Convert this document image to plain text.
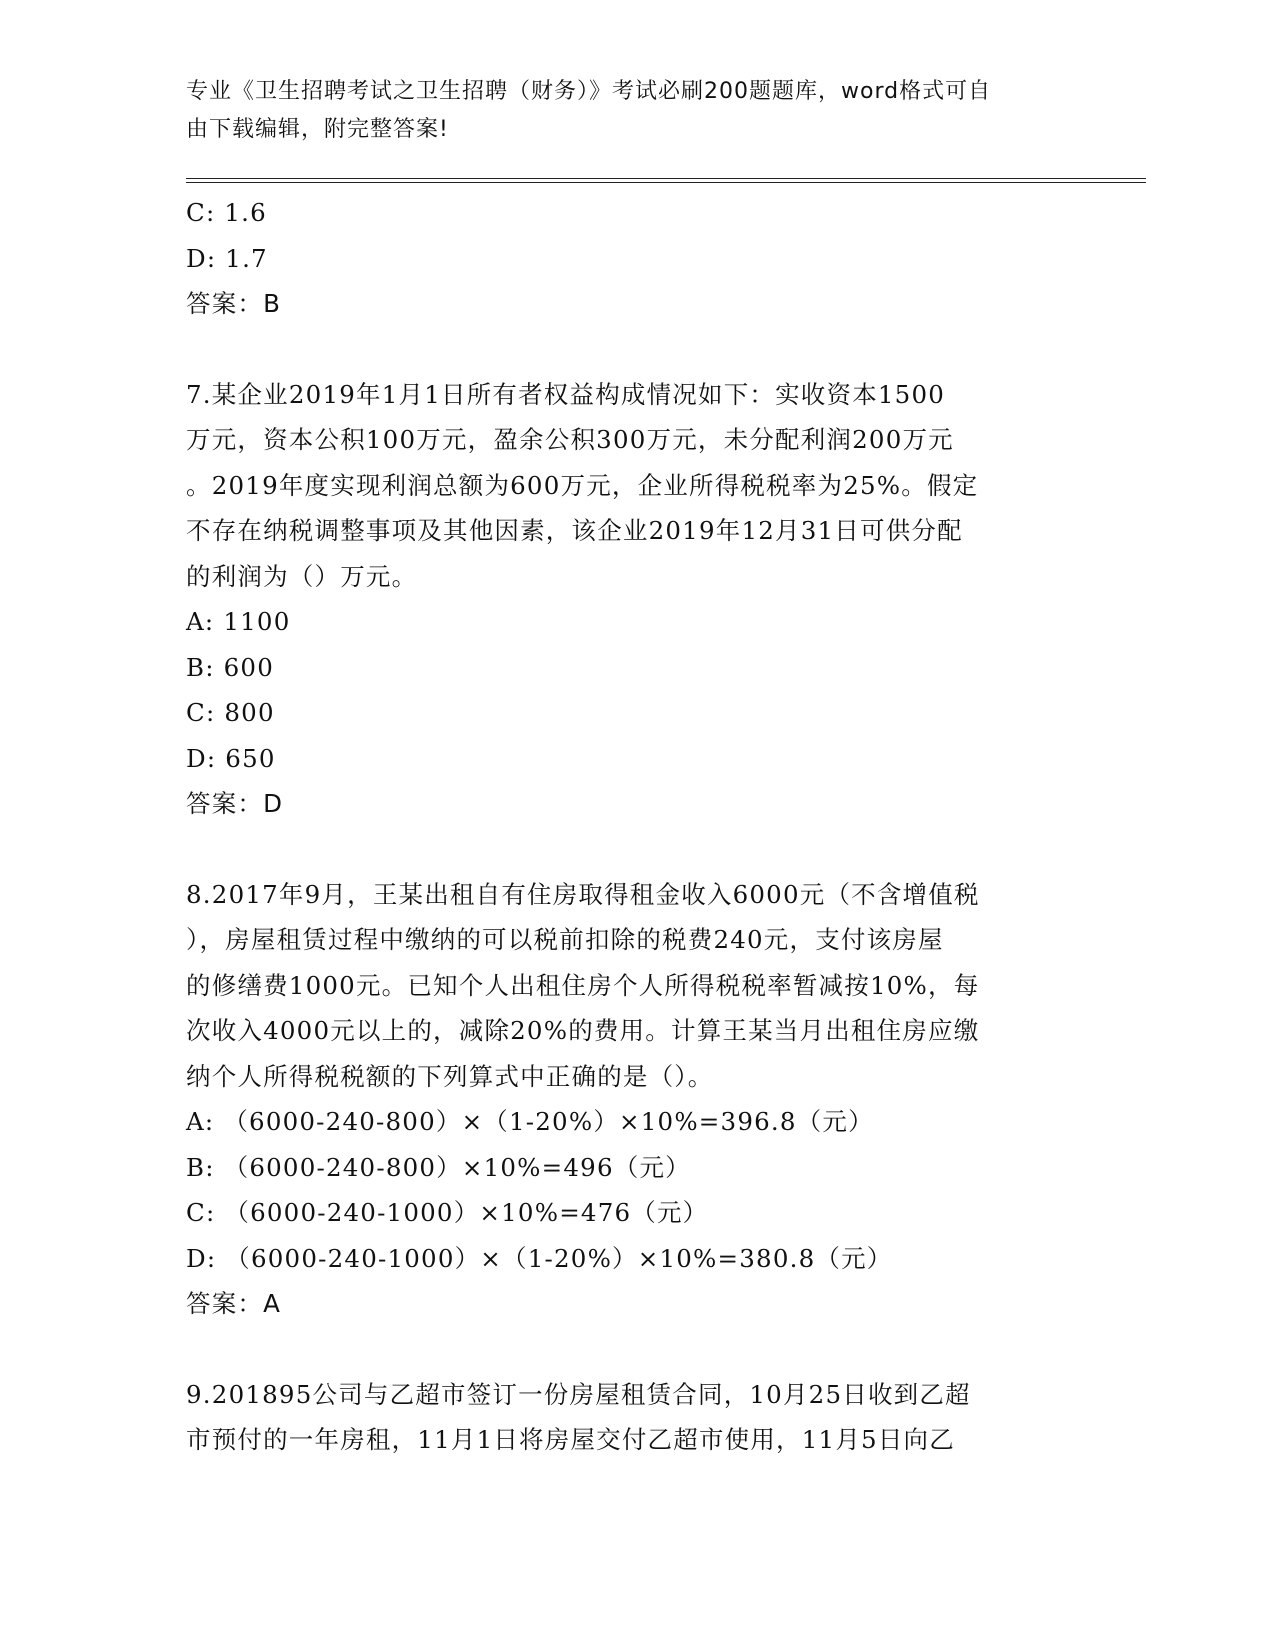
专业《卫生招聘考试之卫生招聘（财务）》考试必刷200题题库，word格式可自
由下载编辑，附完整答案!
C: 1.6
D: 1.7
答案：B
7.某企业2019年1月1日所有者权益构成情况如下：实收资本1500
万元，资本公积100万元，盈余公积300万元，未分配利润200万元
。2019年度实现利润总额为600万元，企业所得税税率为25%。假定
不存在纳税调整事项及其他因素，该企业2019年12月31日可供分配
的利润为（）万元。
A: 1100
B: 600
C: 800
D: 650
答案：D
8.2017年9月，王某出租自有住房取得租金收入6000元（不含增值税
），房屋租赁过程中缴纳的可以税前扣除的税费240元，支付该房屋
的修缮费1000元。已知个人出租住房个人所得税税率暂减按10%，每
次收入4000元以上的，减除20%的费用。计算王某当月出租住房应缴
纳个人所得税税额的下列算式中正确的是（）。
A: （6000-240-800）×（1-20%）×10%=396.8（元）
B: （6000-240-800）×10%=496（元）
C: （6000-240-1000）×10%=476（元）
D: （6000-240-1000）×（1-20%）×10%=380.8（元）
答案：A
9.201895公司与乙超市签订一份房屋租赁合同，10月25日收到乙超
市预付的一年房租，11月1日将房屋交付乙超市使用，11月5日向乙
